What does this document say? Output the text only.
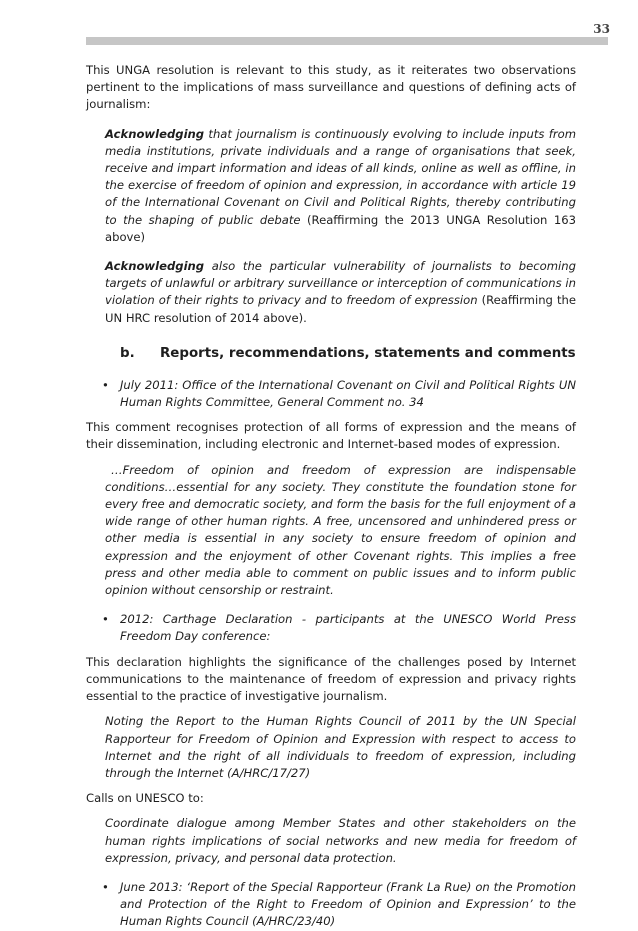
33

This UNGA resolution is relevant to this study, as it reiterates two observations pertinent to the implications of mass surveillance and questions of defining acts of journalism:

Acknowledging that journalism is continuously evolving to include inputs from media institutions, private individuals and a range of organisations that seek, receive and impart information and ideas of all kinds, online as well as offline, in the exercise of freedom of opinion and expression, in accordance with article 19 of the International Covenant on Civil and Political Rights, thereby contributing to the shaping of public debate (Reaffirming the 2013 UNGA Resolution 163 above)

Acknowledging also the particular vulnerability of journalists to becoming targets of unlawful or arbitrary surveillance or interception of communications in violation of their rights to privacy and to freedom of expression (Reaffirming the UN HRC resolution of 2014 above).

b.	Reports, recommendations, statements and comments
• July 2011: Office of the International Covenant on Civil and Political Rights UN Human Rights Committee, General Comment no. 34

This comment recognises protection of all forms of expression and the means of their dissemination, including electronic and Internet-based modes of expression.

…Freedom of opinion and freedom of expression are indispensable conditions…essential for any society. They constitute the foundation stone for every free and democratic society, and form the basis for the full enjoyment of a wide range of other human rights. A free, uncensored and unhindered press or other media is essential in any society to ensure freedom of opinion and expression and the enjoyment of other Covenant rights. This implies a free press and other media able to comment on public issues and to inform public opinion without censorship or restraint.

• 2012: Carthage Declaration - participants at the UNESCO World Press Freedom Day conference:

This declaration highlights the significance of the challenges posed by Internet communications to the maintenance of freedom of expression and privacy rights essential to the practice of investigative journalism.

Noting the Report to the Human Rights Council of 2011 by the UN Special Rapporteur for Freedom of Opinion and Expression with respect to access to Internet and the right of all individuals to freedom of expression, including through the Internet (A/HRC/17/27)

Calls on UNESCO to:

Coordinate dialogue among Member States and other stakeholders on the human rights implications of social networks and new media for freedom of expression, privacy, and personal data protection.

• June 2013: ‘Report of the Special Rapporteur (Frank La Rue) on the Promotion and Protection of the Right to Freedom of Opinion and Expression’ to the Human Rights Council (A/HRC/23/40)
